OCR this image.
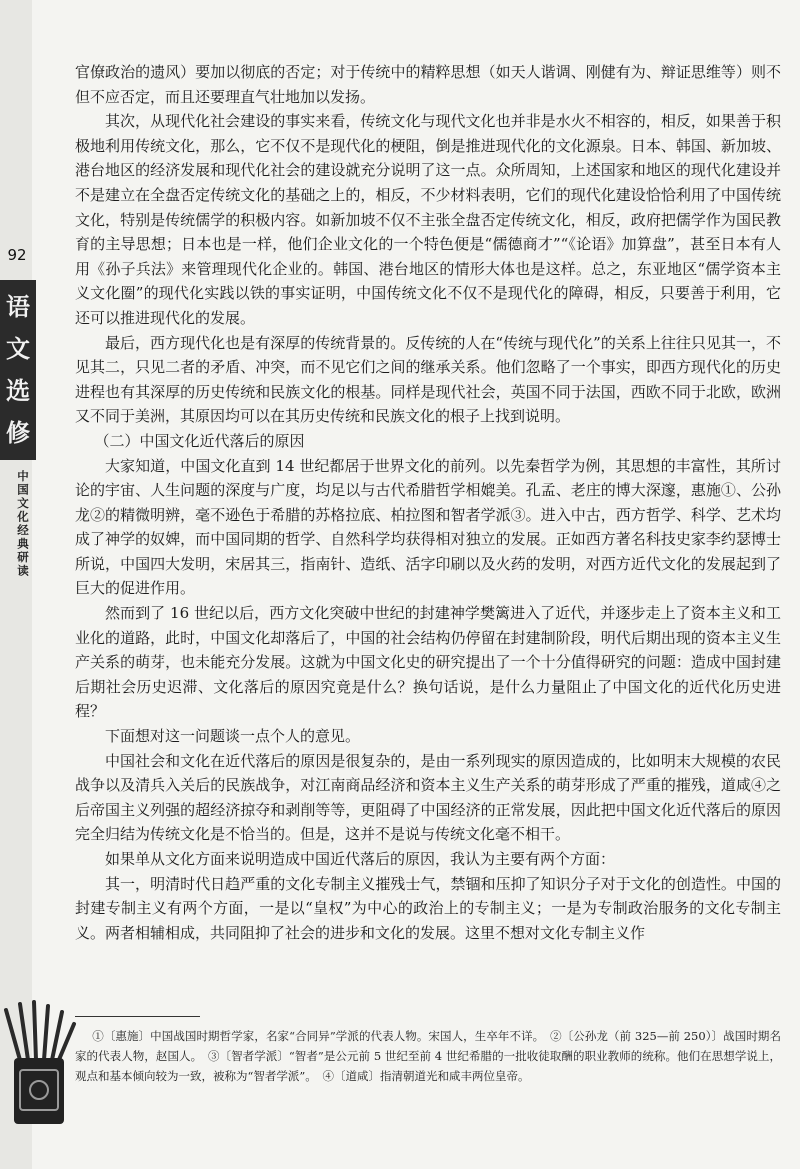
92
语
文
选
修
中国文化经典研读

官僚政治的遗风）要加以彻底的否定；对于传统中的精粹思想（如天人谐调、刚健有为、辩证思维等）则不但不应否定，而且还要理直气壮地加以发扬。

其次，从现代化社会建设的事实来看，传统文化与现代文化也并非是水火不相容的，相反，如果善于积极地利用传统文化，那么，它不仅不是现代化的梗阻，倒是推进现代化的文化源泉。日本、韩国、新加坡、港台地区的经济发展和现代化社会的建设就充分说明了这一点。众所周知，上述国家和地区的现代化建设并不是建立在全盘否定传统文化的基础之上的，相反，不少材料表明，它们的现代化建设恰恰利用了中国传统文化，特别是传统儒学的积极内容。如新加坡不仅不主张全盘否定传统文化，相反，政府把儒学作为国民教育的主导思想；日本也是一样，他们企业文化的一个特色便是“儒德商才”“《论语》加算盘”，甚至日本有人用《孙子兵法》来管理现代化企业的。韩国、港台地区的情形大体也是这样。总之，东亚地区“儒学资本主义文化圈”的现代化实践以铁的事实证明，中国传统文化不仅不是现代化的障碍，相反，只要善于利用，它还可以推进现代化的发展。

最后，西方现代化也是有深厚的传统背景的。反传统的人在“传统与现代化”的关系上往往只见其一，不见其二，只见二者的矛盾、冲突，而不见它们之间的继承关系。他们忽略了一个事实，即西方现代化的历史进程也有其深厚的历史传统和民族文化的根基。同样是现代社会，英国不同于法国，西欧不同于北欧，欧洲又不同于美洲，其原因均可以在其历史传统和民族文化的根子上找到说明。

（二）中国文化近代落后的原因

大家知道，中国文化直到 14 世纪都居于世界文化的前列。以先秦哲学为例，其思想的丰富性，其所讨论的宇宙、人生问题的深度与广度，均足以与古代希腊哲学相媲美。孔孟、老庄的博大深邃，惠施①、公孙龙②的精微明辨，毫不逊色于希腊的苏格拉底、柏拉图和智者学派③。进入中古，西方哲学、科学、艺术均成了神学的奴婢，而中国同期的哲学、自然科学均获得相对独立的发展。正如西方著名科技史家李约瑟博士所说，中国四大发明，宋居其三，指南针、造纸、活字印刷以及火药的发明，对西方近代文化的发展起到了巨大的促进作用。

然而到了 16 世纪以后，西方文化突破中世纪的封建神学樊篱进入了近代，并逐步走上了资本主义和工业化的道路，此时，中国文化却落后了，中国的社会结构仍停留在封建制阶段，明代后期出现的资本主义生产关系的萌芽，也未能充分发展。这就为中国文化史的研究提出了一个十分值得研究的问题：造成中国封建后期社会历史迟滞、文化落后的原因究竟是什么？换句话说，是什么力量阻止了中国文化的近代化历史进程？

下面想对这一问题谈一点个人的意见。

中国社会和文化在近代落后的原因是很复杂的，是由一系列现实的原因造成的，比如明末大规模的农民战争以及清兵入关后的民族战争，对江南商品经济和资本主义生产关系的萌芽形成了严重的摧残，道咸④之后帝国主义列强的超经济掠夺和剥削等等，更阻碍了中国经济的正常发展，因此把中国文化近代落后的原因完全归结为传统文化是不恰当的。但是，这并不是说与传统文化毫不相干。

如果单从文化方面来说明造成中国近代落后的原因，我认为主要有两个方面：

其一，明清时代日趋严重的文化专制主义摧残士气，禁锢和压抑了知识分子对于文化的创造性。中国的封建专制主义有两个方面，一是以“皇权”为中心的政治上的专制主义；一是为专制政治服务的文化专制主义。两者相辅相成，共同阻抑了社会的进步和文化的发展。这里不想对文化专制主义作

①〔惠施〕中国战国时期哲学家，名家“合同异”学派的代表人物。宋国人，生卒年不详。　②〔公孙龙（前 325—前 250）〕战国时期名家的代表人物，赵国人。　③〔智者学派〕“智者”是公元前 5 世纪至前 4 世纪希腊的一批收徒取酬的职业教师的统称。他们在思想学说上，观点和基本倾向较为一致，被称为“智者学派”。　④〔道咸〕指清朝道光和咸丰两位皇帝。
